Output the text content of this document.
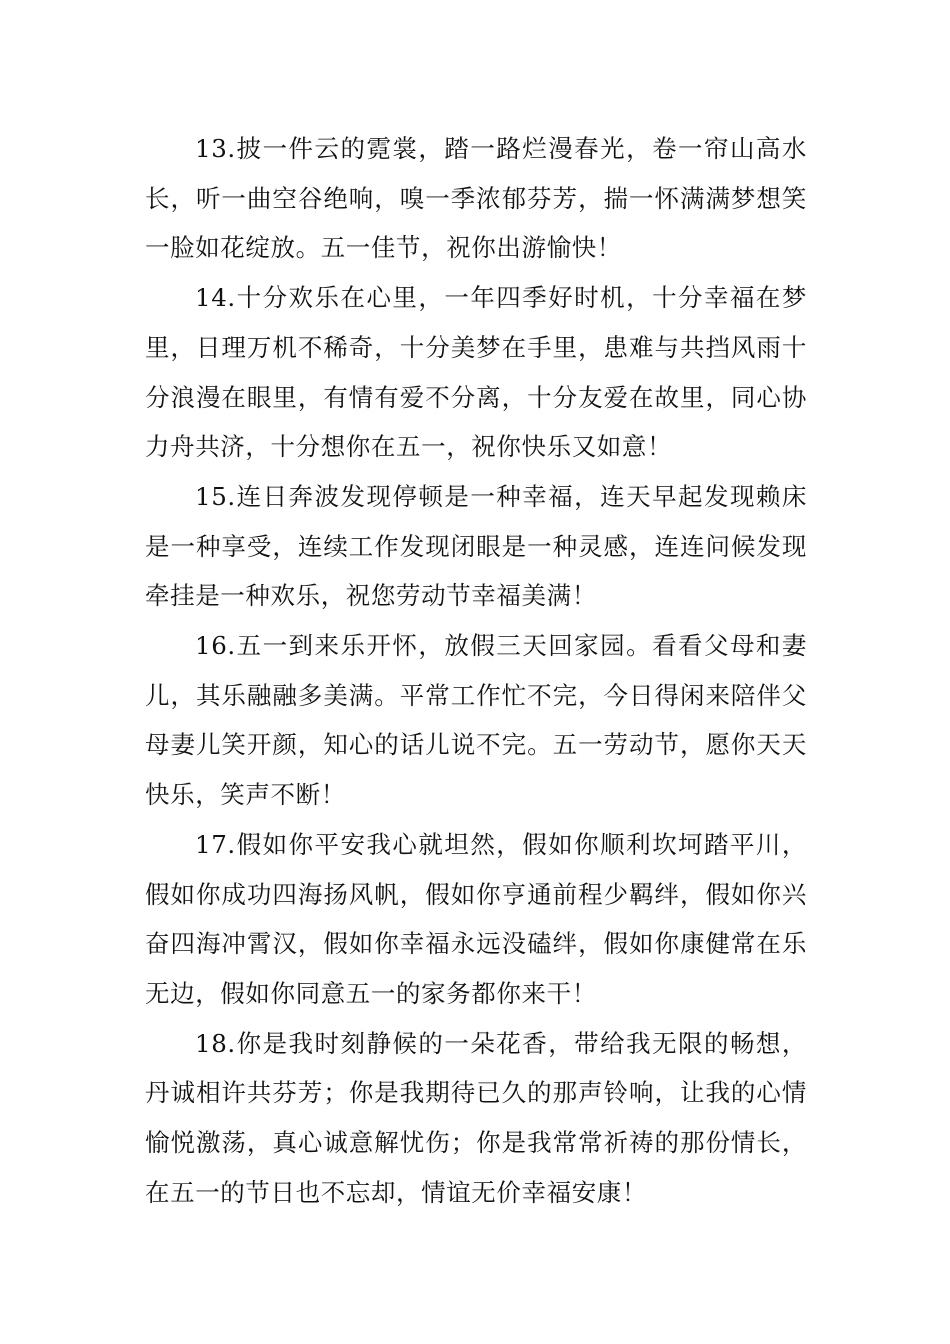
13.披一件云的霓裳，踏一路烂漫春光，卷一帘山高水长，听一曲空谷绝响，嗅一季浓郁芬芳，揣一怀满满梦想笑一脸如花绽放。五一佳节，祝你出游愉快！

14.十分欢乐在心里，一年四季好时机，十分幸福在梦里，日理万机不稀奇，十分美梦在手里，患难与共挡风雨十分浪漫在眼里，有情有爱不分离，十分友爱在故里，同心协力舟共济，十分想你在五一，祝你快乐又如意！

15.连日奔波发现停顿是一种幸福，连天早起发现赖床是一种享受，连续工作发现闭眼是一种灵感，连连问候发现牵挂是一种欢乐，祝您劳动节幸福美满！

16.五一到来乐开怀，放假三天回家园。看看父母和妻儿，其乐融融多美满。平常工作忙不完，今日得闲来陪伴父母妻儿笑开颜，知心的话儿说不完。五一劳动节，愿你天天快乐，笑声不断！

17.假如你平安我心就坦然，假如你顺利坎坷踏平川，假如你成功四海扬风帆，假如你亨通前程少羁绊，假如你兴奋四海冲霄汉，假如你幸福永远没磕绊，假如你康健常在乐无边，假如你同意五一的家务都你来干！

18.你是我时刻静候的一朵花香，带给我无限的畅想，丹诚相许共芬芳；你是我期待已久的那声铃响，让我的心情愉悦激荡，真心诚意解忧伤；你是我常常祈祷的那份情长，在五一的节日也不忘却，情谊无价幸福安康！
